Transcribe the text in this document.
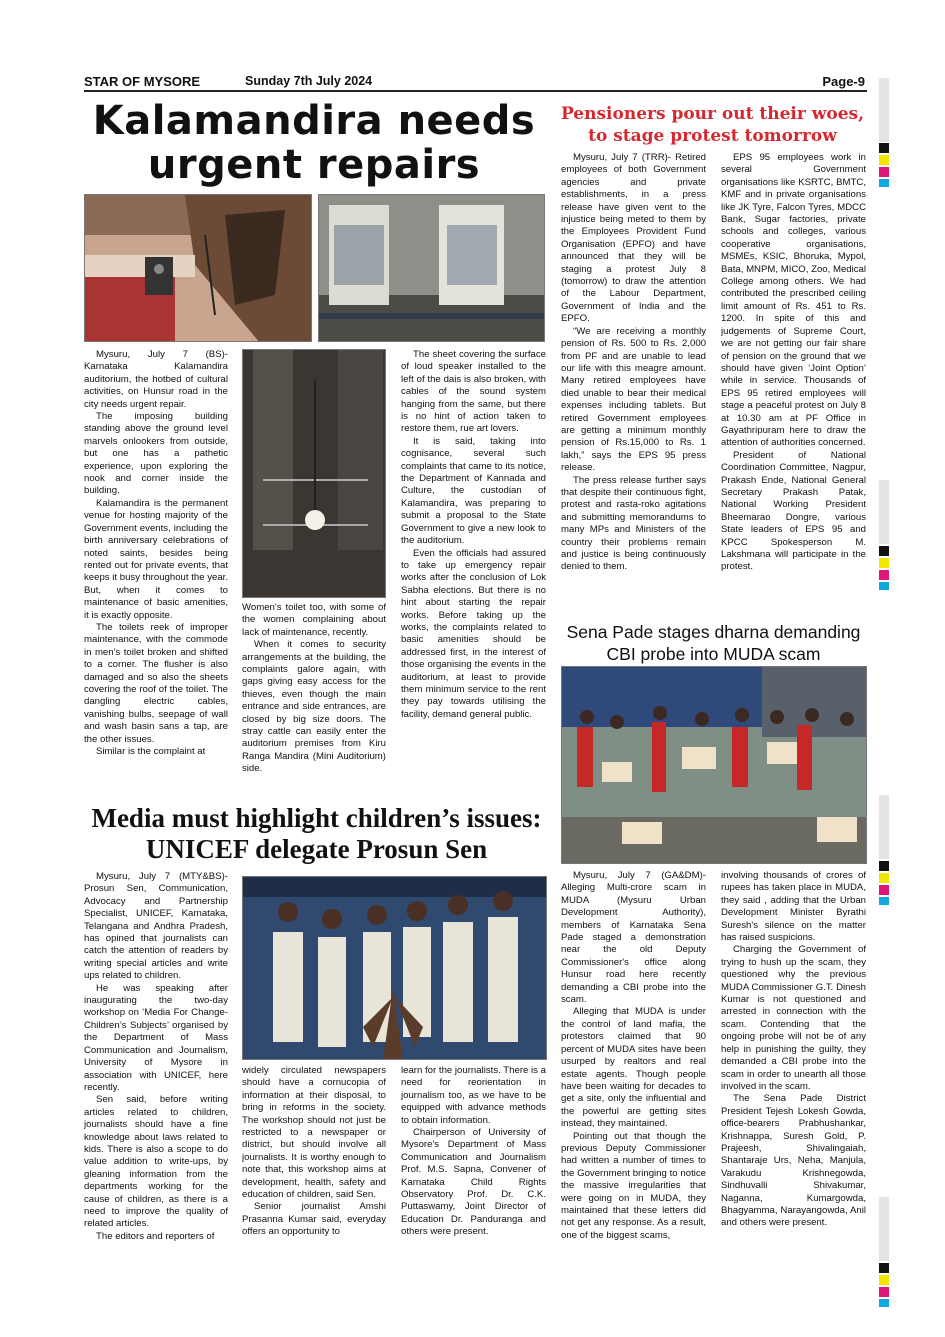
STAR OF MYSORE	Sunday 7th July 2024	Page-9
Kalamandira needs urgent repairs

Mysuru, July 7 (BS)- Karnataka Kalamandira auditorium, the hotbed of cultural activities, on Hunsur road in the city needs urgent repair.

The imposing building standing above the ground level marvels onlookers from outside, but one has a pathetic experience, upon exploring the nook and corner inside the building.

Kalamandira is the permanent venue for hosting majority of the Government events, including the birth anniversary celebrations of noted saints, besides being rented out for private events, that keeps it busy throughout the year. But, when it comes to maintenance of basic amenities, it is exactly opposite.

The toilets reek of improper maintenance, with the commode in men's toilet broken and shifted to a corner. The flusher is also damaged and so also the sheets covering the roof of the toilet. The dangling electric cables, vanishing bulbs, seepage of wall and wash basin sans a tap, are the other issues.

Similar is the complaint at

Women's toilet too, with some of the women complaining about lack of maintenance, recently.

When it comes to security arrangements at the building, the complaints galore again, with gaps giving easy access for the thieves, even though the main entrance and side entrances, are closed by big size doors. The stray cattle can easily enter the auditorium premises from Kiru Ranga Mandira (Mini Auditorium) side.

The sheet covering the surface of loud speaker installed to the left of the dais is also broken, with cables of the sound system hanging from the same, but there is no hint of action taken to restore them, rue art lovers.

It is said, taking into cognisance, several such complaints that came to its notice, the Department of Kannada and Culture, the custodian of Kalamandira, was preparing to submit a proposal to the State Government to give a new look to the auditorium.

Even the officials had assured to take up emergency repair works after the conclusion of Lok Sabha elections. But there is no hint about starting the repair works. Before taking up the works, the complaints related to basic amenities should be addressed first, in the interest of those organising the events in the auditorium, at least to provide them minimum service to the rent they pay towards utilising the facility, demand general public.

Pensioners pour out their woes,
to stage protest tomorrow

Mysuru, July 7 (TRR)- Retired employees of both Government agencies and private establishments, in a press release have given vent to the injustice being meted to them by the Employees Provident Fund Organisation (EPFO) and have announced that they will be staging a protest July 8 (tomorrow) to draw the attention of the Labour Department, Government of India and the EPFO.

“We are receiving a monthly pension of Rs. 500 to Rs. 2,000 from PF and are unable to lead our life with this meagre amount. Many retired employees have died unable to bear their medical expenses including tablets. But retired Government employees are getting a minimum monthly pension of Rs.15,000 to Rs. 1 lakh,” says the EPS 95 press release.

The press release further says that despite their continuous fight, protest and rasta-roko agitations and submitting memorandums to many MPs and Ministers of the country their problems remain and justice is being continuously denied to them.

EPS 95 employees work in several Government organisations like KSRTC, BMTC, KMF and in private organisations like JK Tyre, Falcon Tyres, MDCC Bank, Sugar factories, private schools and colleges, various cooperative organisations, MSMEs, KSIC, Bhoruka, Mypol, Bata, MNPM, MICO, Zoo, Medical College among others. We had contributed the prescribed ceiling limit amount of Rs. 451 to Rs. 1200. In spite of this and judgements of Supreme Court, we are not getting our fair share of pension on the ground that we should have given ‘Joint Option’ while in service. Thousands of EPS 95 retired employees will stage a peaceful protest on July 8 at 10.30 am at PF Office in Gayathripuram here to draw the attention of authorities concerned.

President of National Coordination Committee, Nagpur, Prakash Ende, National General Secretary Prakash Patak, National Working President Bheemarao Dongre, various State leaders of EPS 95 and KPCC Spokesperson M. Lakshmana will participate in the protest.

Sena Pade stages dharna demanding
CBI probe into MUDA scam

Mysuru, July 7 (GA&DM)- Alleging Multi-crore scam in MUDA (Mysuru Urban Development Authority), members of Karnataka Sena Pade staged a demonstration near the old Deputy Commissioner's office along Hunsur road here recently demanding a CBI probe into the scam.

Alleging that MUDA is under the control of land mafia, the protestors claimed that 90 percent of MUDA sites have been usurped by realtors and real estate agents. Though people have been waiting for decades to get a site, only the influential and the powerful are getting sites instead, they maintained.

Pointing out that though the previous Deputy Commissioner had written a number of times to the Government bringing to notice the massive irregularities that were going on in MUDA, they maintained that these letters did not get any response. As a result, one of the biggest scams,

involving thousands of crores of rupees has taken place in MUDA, they said , adding that the Urban Development Minister Byrathi Suresh's silence on the matter has raised suspicions.

Charging the Government of trying to hush up the scam, they questioned why the previous MUDA Commissioner G.T. Dinesh Kumar is not questioned and arrested in connection with the scam. Contending that the ongoing probe will not be of any help in punishing the guilty, they demanded a CBI probe into the scam in order to unearth all those involved in the scam.

The Sena Pade District President Tejesh Lokesh Gowda, office-bearers Prabhushankar, Krishnappa, Suresh Gold, P. Prajeesh, Shivalingaiah, Shantaraje Urs, Neha, Manjula, Varakudu Krishnegowda, Sindhuvalli Shivakumar, Naganna, Kumargowda, Bhagyamma, Narayangowda, Anil and others were present.

Media must highlight children’s issues:
UNICEF delegate Prosun Sen

Mysuru, July 7 (MTY&BS)- Prosun Sen, Communication, Advocacy and Partnership Specialist, UNICEF, Karnataka, Telangana and Andhra Pradesh, has opined that journalists can catch the attention of readers by writing special articles and write ups related to children.

He was speaking after inaugurating the two-day workshop on ‘Media For Change-Children’s Subjects’ organised by the Department of Mass Communication and Journalism, University of Mysore in association with UNICEF, here recently.

Sen said, before writing articles related to children, journalists should have a fine knowledge about laws related to kids. There is also a scope to do value addition to write-ups, by gleaning information from the departments working for the cause of children, as there is a need to improve the quality of related articles.

The editors and reporters of

widely circulated newspapers should have a cornucopia of information at their disposal, to bring in reforms in the society. The workshop should not just be restricted to a newspaper or district, but should involve all journalists. It is worthy enough to note that, this workshop aims at development, health, safety and education of children, said Sen.

Senior journalist Amshi Prasanna Kumar said, everyday offers an opportunity to

learn for the journalists. There is a need for reorientation in journalism too, as we have to be equipped with advance methods to obtain information.

Chairperson of University of Mysore's Department of Mass Communication and Journalism Prof. M.S. Sapna, Convener of Karnataka Child Rights Observatory Prof. Dr. C.K. Puttaswamy, Joint Director of Education Dr. Panduranga and others were present.
